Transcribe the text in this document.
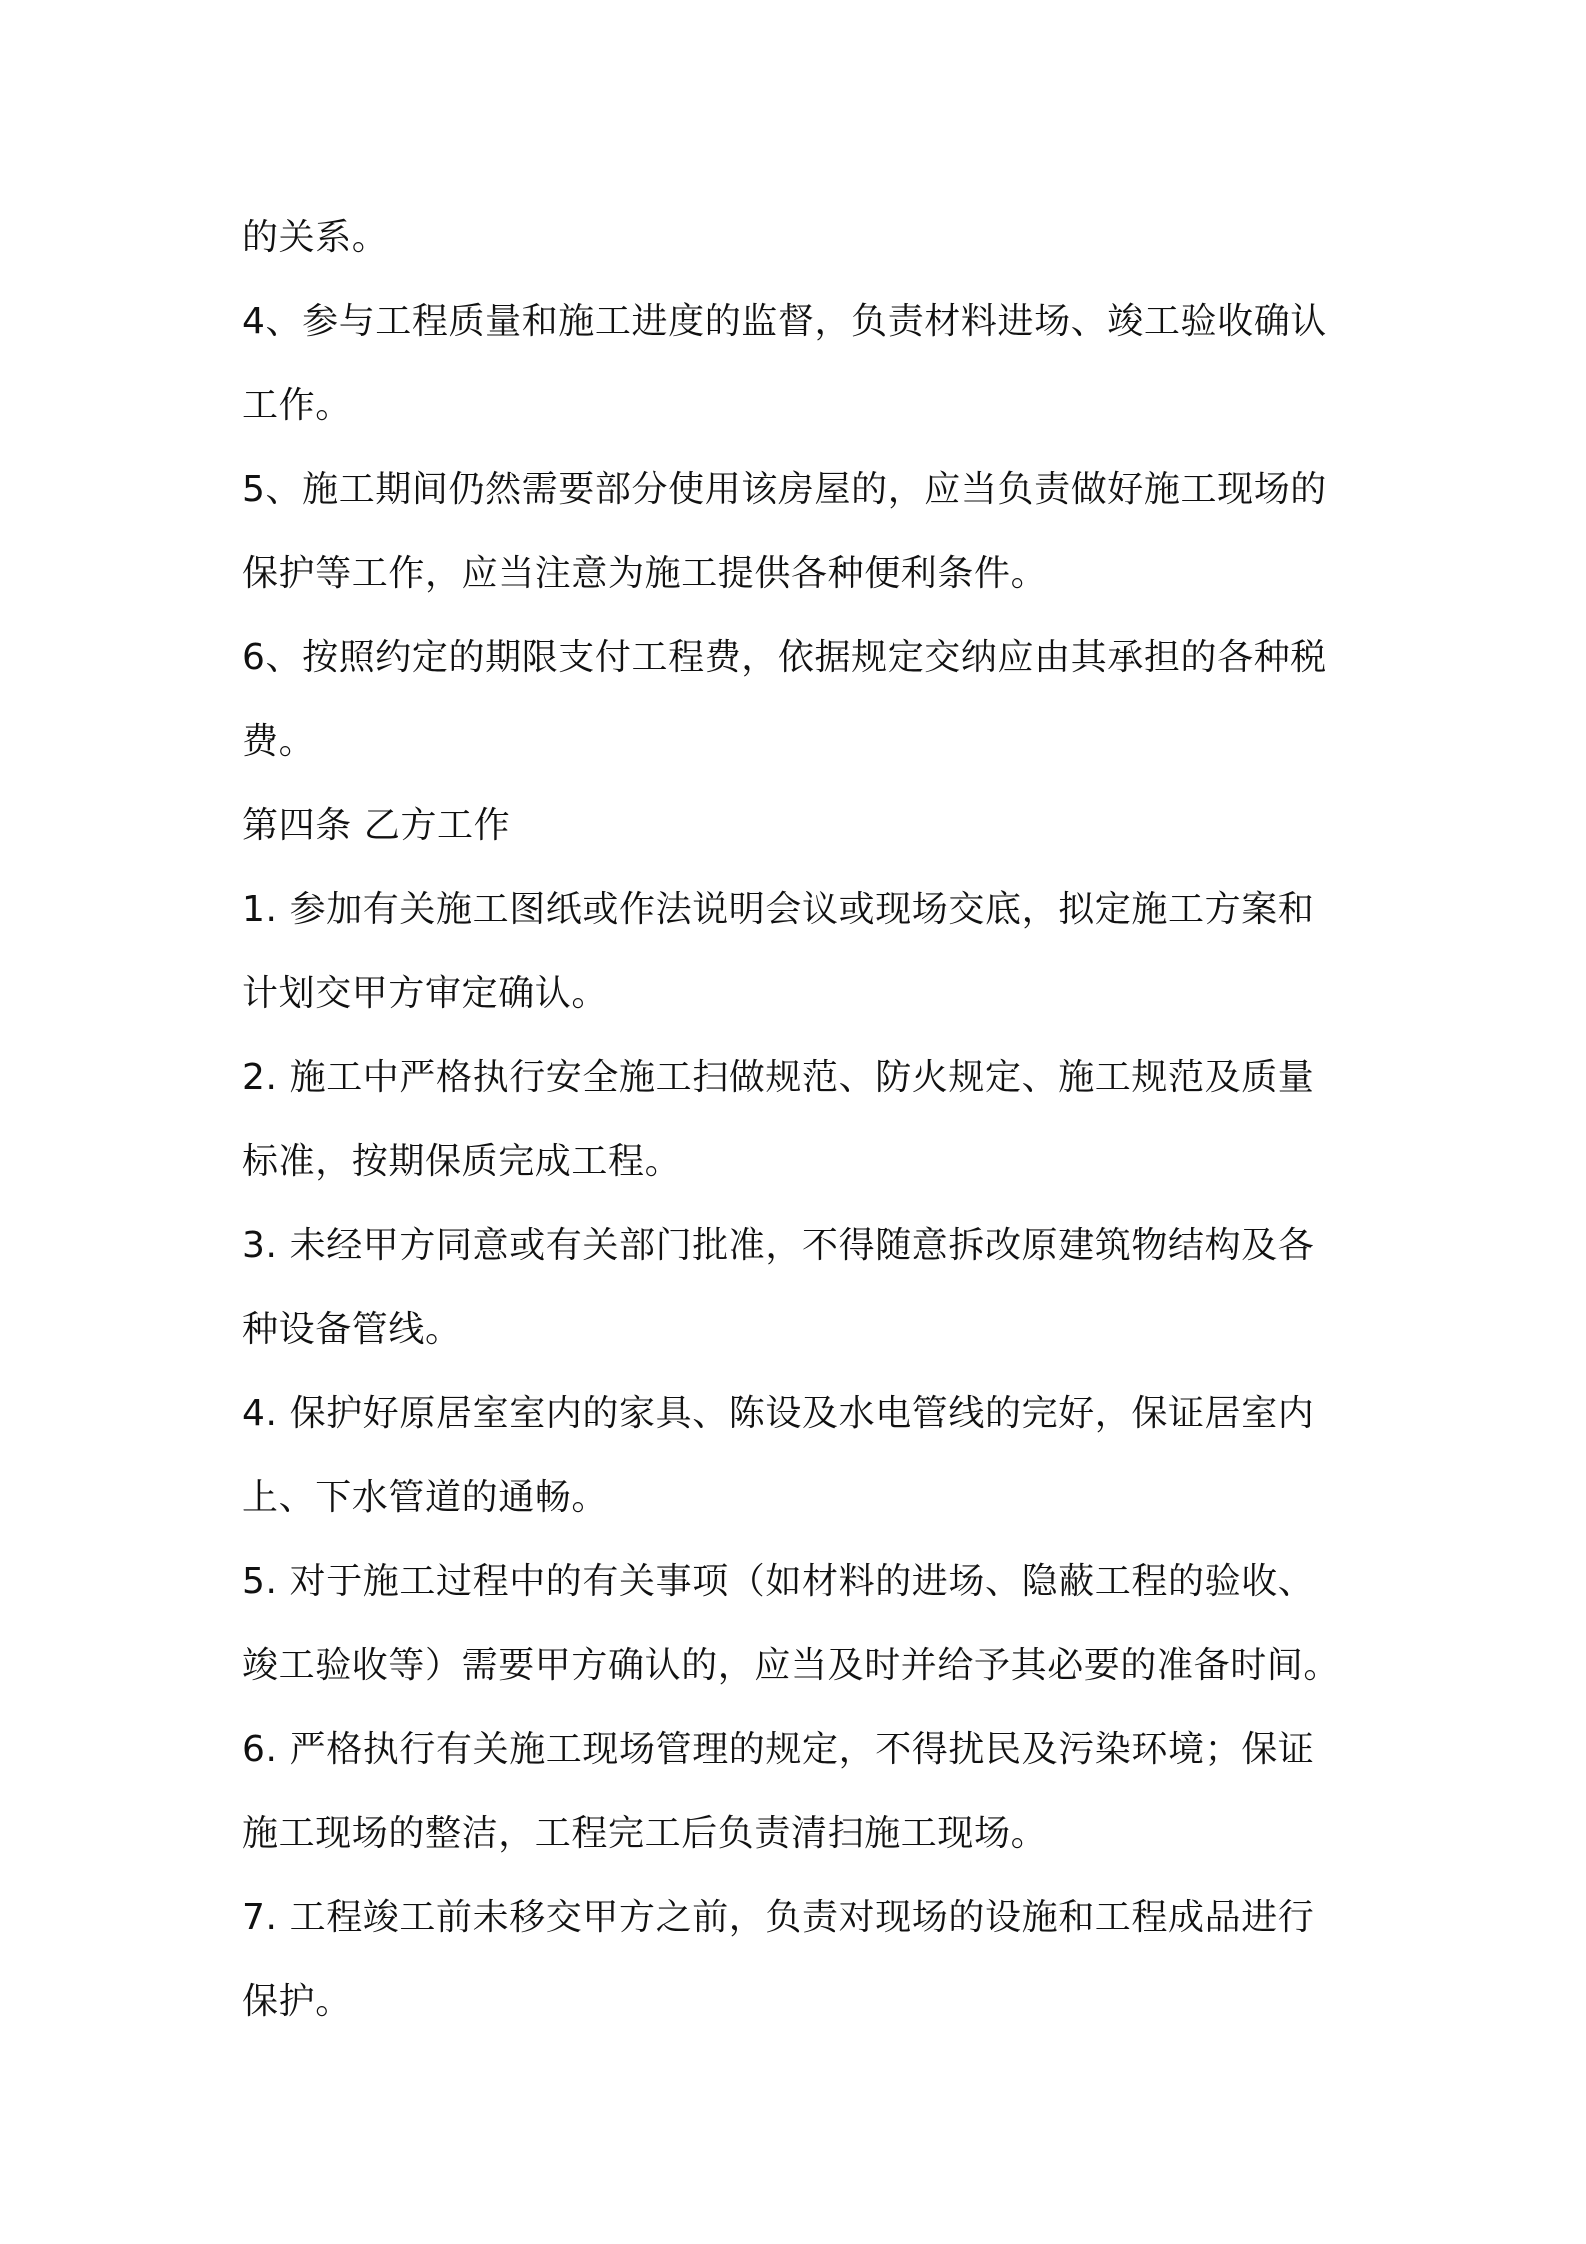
的关系。
4、参与工程质量和施工进度的监督，负责材料进场、竣工验收确认
工作。
5、施工期间仍然需要部分使用该房屋的，应当负责做好施工现场的
保护等工作，应当注意为施工提供各种便利条件。
6、按照约定的期限支付工程费，依据规定交纳应由其承担的各种税
费。
第四条 乙方工作
1. 参加有关施工图纸或作法说明会议或现场交底，拟定施工方案和
计划交甲方审定确认。
2. 施工中严格执行安全施工扫做规范、防火规定、施工规范及质量
标准，按期保质完成工程。
3. 未经甲方同意或有关部门批准，不得随意拆改原建筑物结构及各
种设备管线。
4. 保护好原居室室内的家具、陈设及水电管线的完好，保证居室内
上、下水管道的通畅。
5. 对于施工过程中的有关事项（如材料的进场、隐蔽工程的验收、
竣工验收等）需要甲方确认的，应当及时并给予其必要的准备时间。
6. 严格执行有关施工现场管理的规定，不得扰民及污染环境；保证
施工现场的整洁，工程完工后负责清扫施工现场。
7. 工程竣工前未移交甲方之前，负责对现场的设施和工程成品进行
保护。
